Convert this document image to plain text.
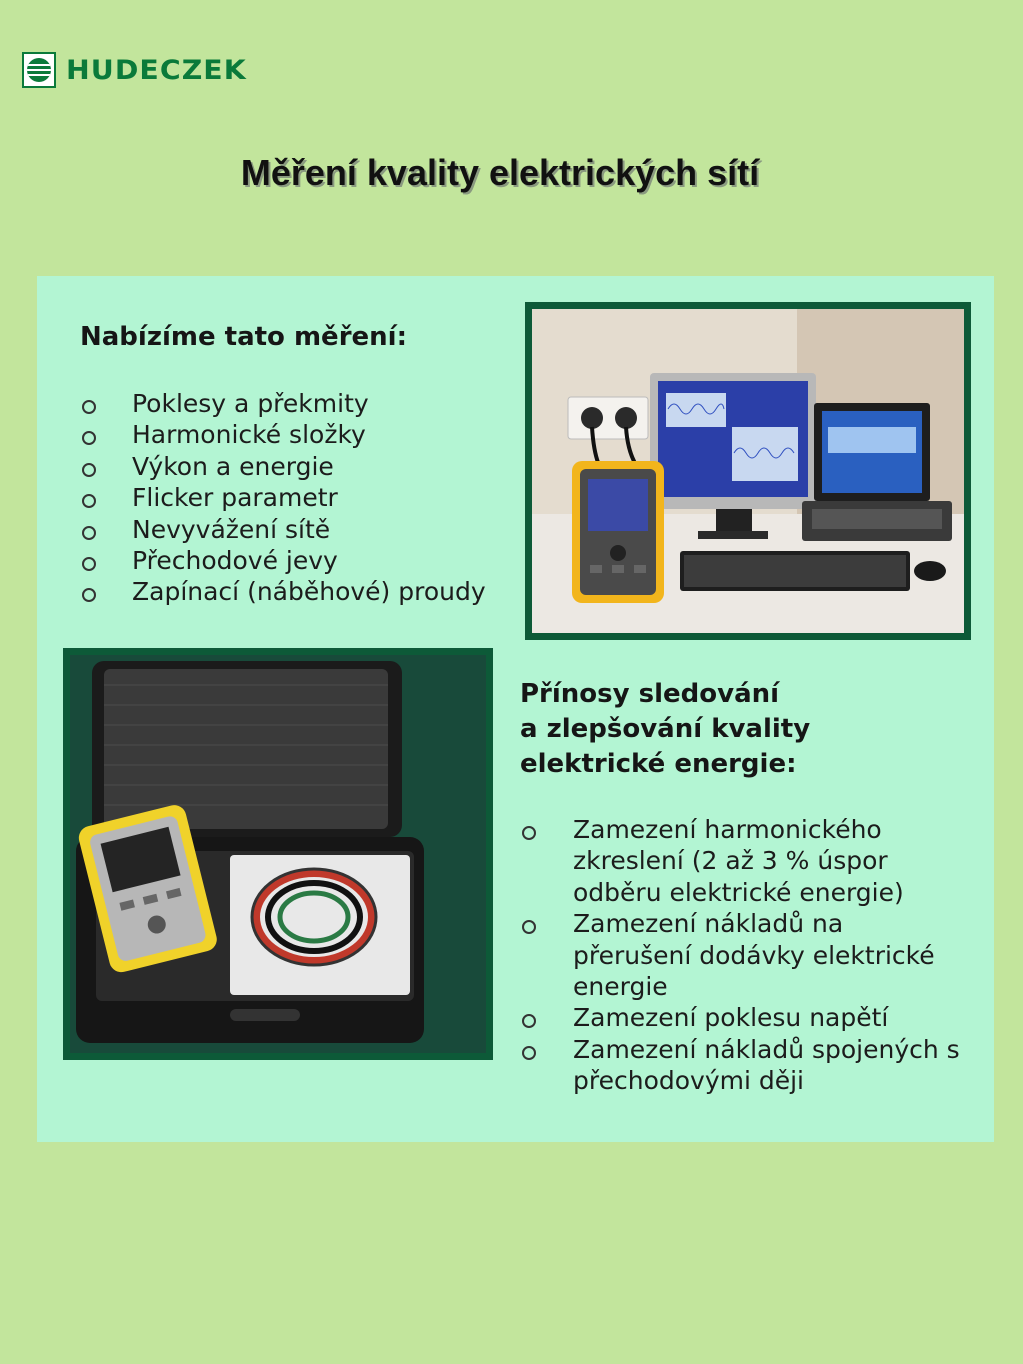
HUDECZEK
Měření kvality elektrických sítí
Nabízíme tato měření:
Poklesy a překmity
Harmonické složky
Výkon a energie
Flicker parametr
Nevyvážení sítě
Přechodové jevy
Zapínací (náběhové) proudy
Přínosy sledování
a zlepšování kvality
elektrické energie:
Zamezení harmonického
zkreslení (2 až 3 % úspor
odběru elektrické energie)
Zamezení nákladů na
přerušení dodávky elektrické
energie
Zamezení poklesu napětí
Zamezení nákladů spojených s
přechodovými ději
